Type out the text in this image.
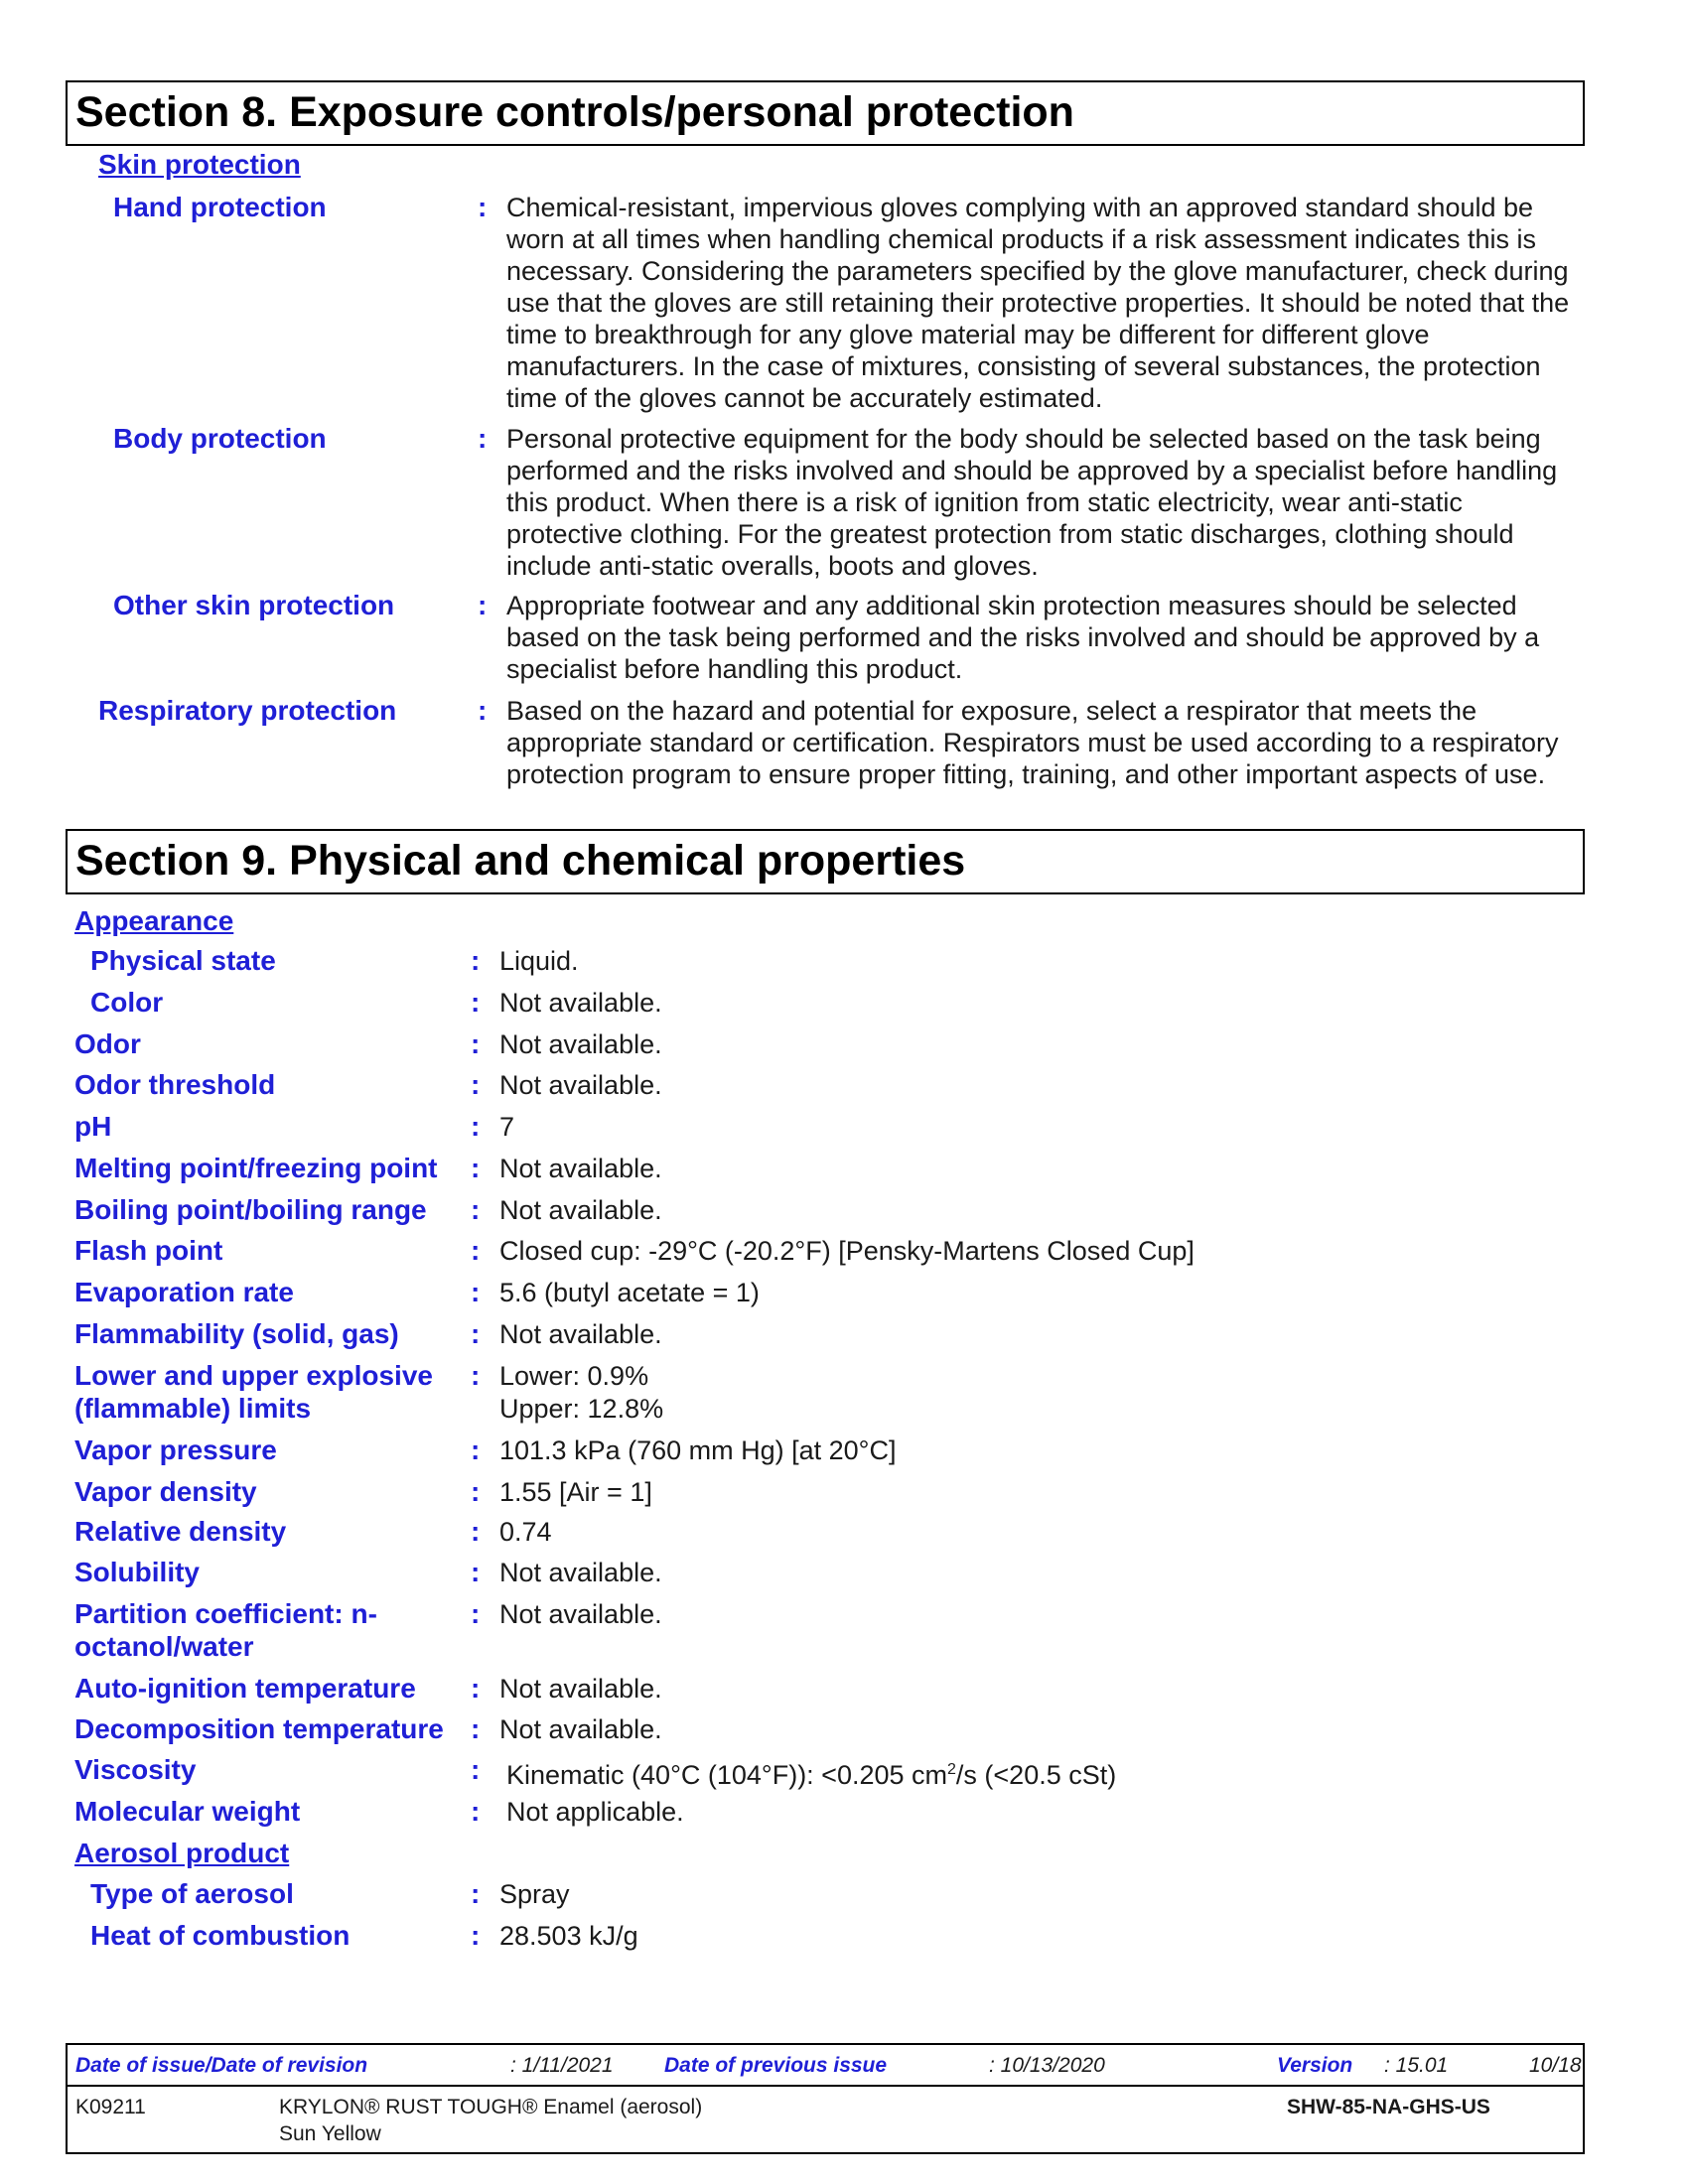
Section 8. Exposure controls/personal protection
Skin protection
Hand protection	: Chemical-resistant, impervious gloves complying with an approved standard should be worn at all times when handling chemical products if a risk assessment indicates this is necessary. Considering the parameters specified by the glove manufacturer, check during use that the gloves are still retaining their protective properties. It should be noted that the time to breakthrough for any glove material may be different for different glove manufacturers. In the case of mixtures, consisting of several substances, the protection time of the gloves cannot be accurately estimated.
Body protection	: Personal protective equipment for the body should be selected based on the task being performed and the risks involved and should be approved by a specialist before handling this product. When there is a risk of ignition from static electricity, wear anti-static protective clothing. For the greatest protection from static discharges, clothing should include anti-static overalls, boots and gloves.
Other skin protection	: Appropriate footwear and any additional skin protection measures should be selected based on the task being performed and the risks involved and should be approved by a specialist before handling this product.
Respiratory protection	: Based on the hazard and potential for exposure, select a respirator that meets the appropriate standard or certification. Respirators must be used according to a respiratory protection program to ensure proper fitting, training, and other important aspects of use.
Section 9. Physical and chemical properties
Appearance
Physical state	: Liquid.
Color	: Not available.
Odor	: Not available.
Odor threshold	: Not available.
pH	: 7
Melting point/freezing point : Not available.
Boiling point/boiling range : Not available.
Flash point	: Closed cup: -29°C (-20.2°F) [Pensky-Martens Closed Cup]
Evaporation rate	: 5.6 (butyl acetate = 1)
Flammability (solid, gas)	: Not available.
Lower and upper explosive
(flammable) limits
: Lower: 0.9%
Upper: 12.8%
Vapor pressure	: 101.3 kPa (760 mm Hg) [at 20°C]
Vapor density	: 1.55 [Air = 1]
Relative density	: 0.74
Solubility	: Not available.
Partition coefficient: n-
octanol/water
: Not available.
Auto-ignition temperature : Not available.
Decomposition temperature : Not available.
Viscosity	: Kinematic (40°C (104°F)): <0.205 $cm^2/s$ (<20.5 cSt)
Molecular weight	: Not applicable.
Aerosol product
Type of aerosol	: Spray
Heat of combustion	: 28.503 kJ/g
Date of issue/Date of revision	: 1/11/2021 Date of previous issue	: 10/13/2020	Version : 15.01	10/18
K09211	KRYLON® RUST TOUGH® Enamel (aerosol)
Sun Yellow
SHW-85-NA-GHS-US
